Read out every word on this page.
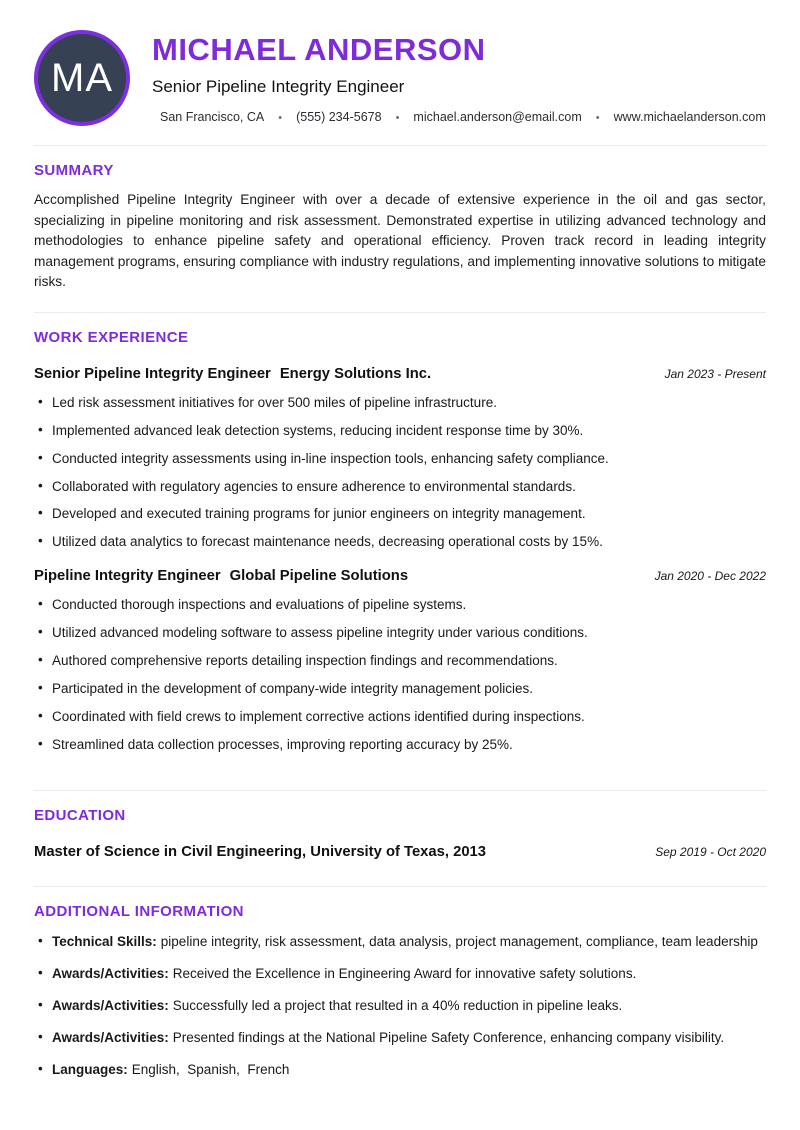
MA
MICHAEL ANDERSON
Senior Pipeline Integrity Engineer
San Francisco, CA •	(555) 234-5678 •	michael.anderson@email.com •	www.michaelanderson.com
SUMMARY

Accomplished Pipeline Integrity Engineer with over a decade of extensive experience in the oil and gas sector, specializing in pipeline monitoring and risk assessment. Demonstrated expertise in utilizing advanced technology and methodologies to enhance pipeline safety and operational efficiency. Proven track record in leading integrity management programs, ensuring compliance with industry regulations, and implementing innovative solutions to mitigate risks.

WORK EXPERIENCE
Senior Pipeline Integrity Engineer Energy Solutions Inc.	Jan 2023 - Present
• Led risk assessment initiatives for over 500 miles of pipeline infrastructure.
• Implemented advanced leak detection systems, reducing incident response time by 30%.
• Conducted integrity assessments using in-line inspection tools, enhancing safety compliance.
• Collaborated with regulatory agencies to ensure adherence to environmental standards.
• Developed and executed training programs for junior engineers on integrity management.
• Utilized data analytics to forecast maintenance needs, decreasing operational costs by 15%.
Pipeline Integrity Engineer Global Pipeline Solutions	Jan 2020 - Dec 2022
• Conducted thorough inspections and evaluations of pipeline systems.
• Utilized advanced modeling software to assess pipeline integrity under various conditions.
• Authored comprehensive reports detailing inspection findings and recommendations.
• Participated in the development of company-wide integrity management policies.
• Coordinated with field crews to implement corrective actions identified during inspections.
• Streamlined data collection processes, improving reporting accuracy by 25%.
EDUCATION
Master of Science in Civil Engineering, University of Texas, 2013	Sep 2019 - Oct 2020
ADDITIONAL INFORMATION
• Technical Skills: pipeline integrity, risk assessment, data analysis, project management, compliance, team leadership
• Awards/Activities: Received the Excellence in Engineering Award for innovative safety solutions.
• Awards/Activities: Successfully led a project that resulted in a 40% reduction in pipeline leaks.
• Awards/Activities: Presented findings at the National Pipeline Safety Conference, enhancing company visibility.
• Languages: English,  Spanish,  French
